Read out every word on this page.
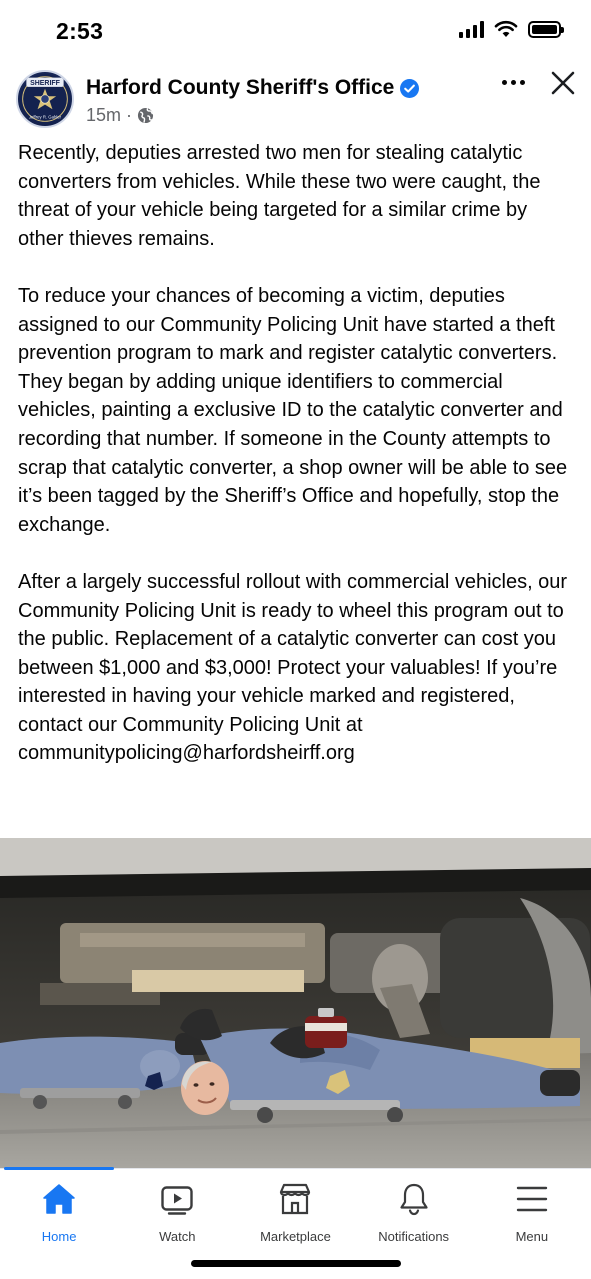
2:53
SHERIFF
Jeffrey R. Gahler
Harford County Sheriff's Office
15m ·

Recently, deputies arrested two men for stealing catalytic converters from vehicles. While these two were caught, the threat of your vehicle being targeted for a similar crime by other thieves remains.

To reduce your chances of becoming a victim, deputies assigned to our Community Policing Unit have started a theft prevention program to mark and register catalytic converters. They began by adding unique identifiers to commercial vehicles, painting a exclusive ID to the catalytic converter and recording that number. If someone in the County attempts to scrap that catalytic converter, a shop owner will be able to see it’s been tagged by the Sheriff’s Office and hopefully, stop the exchange.

After a largely successful rollout with commercial vehicles, our Community Policing Unit is ready to wheel this program out to the public. Replacement of a catalytic converter can cost you between $1,000 and $3,000! Protect your valuables! If you’re interested in having your vehicle marked and registered, contact our Community Policing Unit at communitypolicing@harfordsheirff.org

Home	Watch	Marketplace	Notifications	Menu
